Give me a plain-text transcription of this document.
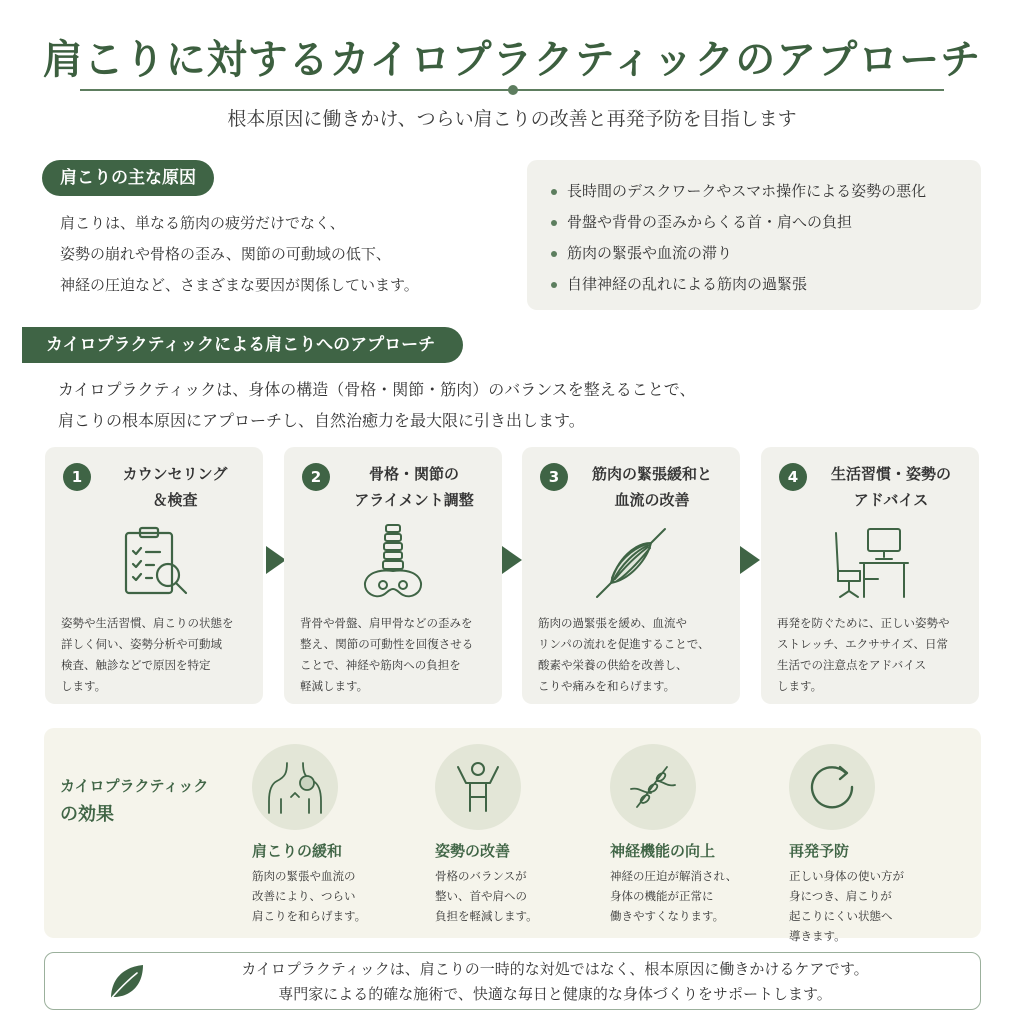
肩こりに対するカイロプラクティックのアプローチ

根本原因に働きかけ、つらい肩こりの改善と再発予防を目指します

肩こりの主な原因
肩こりは、単なる筋肉の疲労だけでなく、
姿勢の崩れや骨格の歪み、関節の可動域の低下、
神経の圧迫など、さまざまな要因が関係しています。
長時間のデスクワークやスマホ操作による姿勢の悪化
骨盤や背骨の歪みからくる首・肩への負担
筋肉の緊張や血流の滞り
自律神経の乱れによる筋肉の過緊張
カイロプラクティックによる肩こりへのアプローチ
カイロプラクティックは、身体の構造（骨格・関節・筋肉）のバランスを整えることで、
肩こりの根本原因にアプローチし、自然治癒力を最大限に引き出します。
1	カウンセリング
＆検査
姿勢や生活習慣、肩こりの状態を
詳しく伺い、姿勢分析や可動域
検査、触診などで原因を特定
します。
2	骨格・関節の
アライメント調整
背骨や骨盤、肩甲骨などの歪みを
整え、関節の可動性を回復させる
ことで、神経や筋肉への負担を
軽減します。
3	筋肉の緊張緩和と
血流の改善
筋肉の過緊張を緩め、血流や
リンパの流れを促進することで、
酸素や栄養の供給を改善し、
こりや痛みを和らげます。
4	生活習慣・姿勢の
アドバイス
再発を防ぐために、正しい姿勢や
ストレッチ、エクササイズ、日常
生活での注意点をアドバイス
します。
カイロプラクティック
の効果
肩こりの緩和
筋肉の緊張や血流の
改善により、つらい
肩こりを和らげます。
姿勢の改善
骨格のバランスが
整い、首や肩への
負担を軽減します。
神経機能の向上
神経の圧迫が解消され、
身体の機能が正常に
働きやすくなります。
再発予防
正しい身体の使い方が
身につき、肩こりが
起こりにくい状態へ
導きます。
カイロプラクティックは、肩こりの一時的な対処ではなく、根本原因に働きかけるケアです。
専門家による的確な施術で、快適な毎日と健康的な身体づくりをサポートします。
